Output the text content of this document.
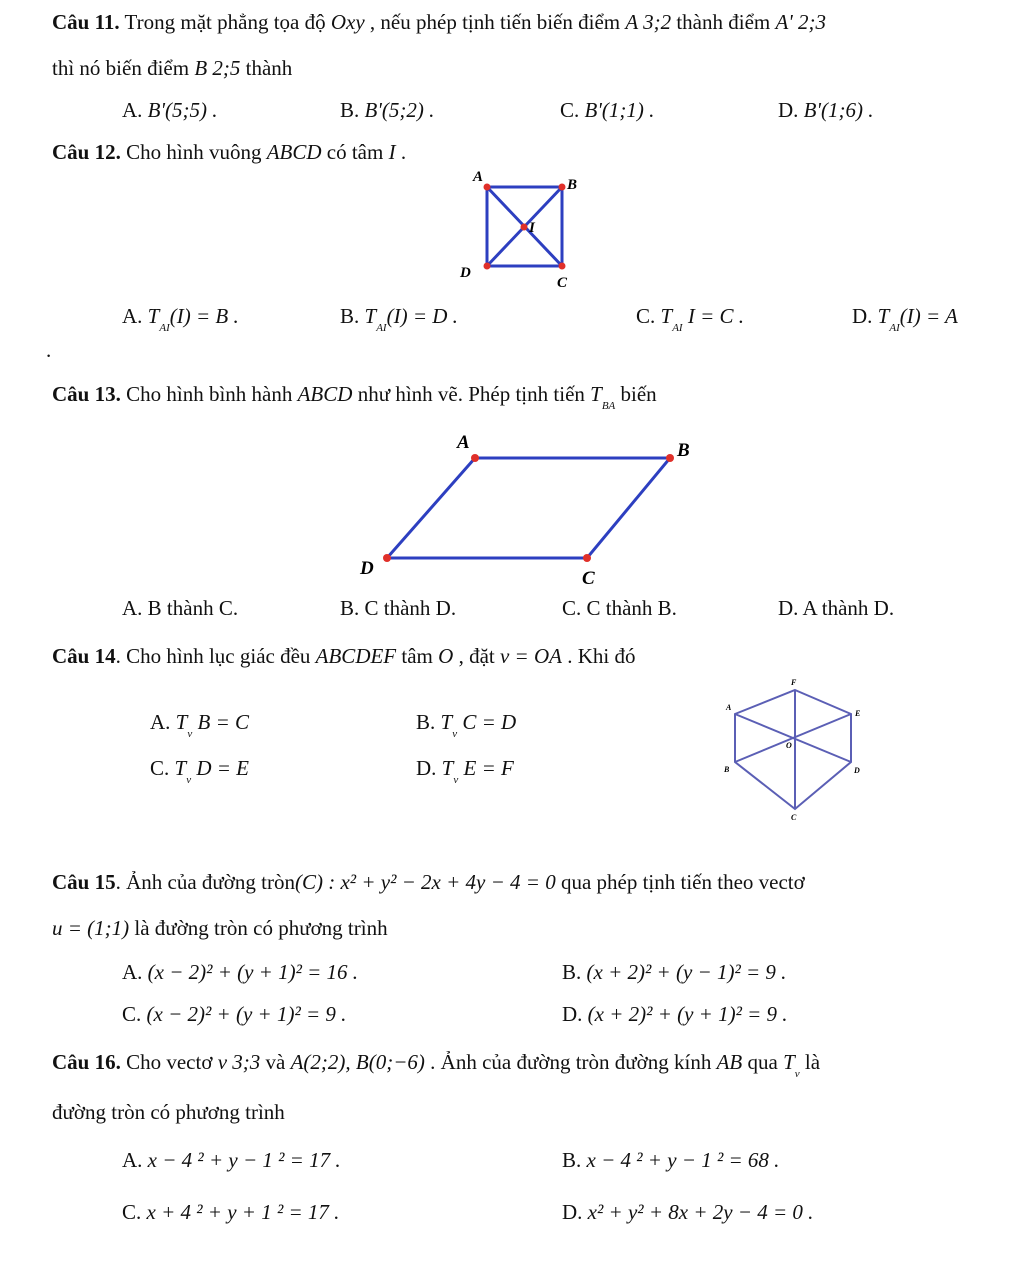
Câu 11. Trong mặt phẳng tọa độ Oxy , nếu phép tịnh tiến biến điểm A 3;2 thành điểm A' 2;3
thì nó biến điểm B 2;5 thành
A. B'(5;5) .	B. B'(5;2) .	C. B'(1;1) .	D. B'(1;6) .
Câu 12. Cho hình vuông ABCD có tâm I .
A	B
C
D
I
A. $T_{AI}(I) = B$ .	B. $T_{AI}(I) = D$ .	C. $T_{AI}$ I = C .	D. $T_{AI}(I) = A$
.
Câu 13. Cho hình bình hành ABCD như hình vẽ. Phép tịnh tiến $T_{BA}$ biến
A	B
C
D
A. B thành C.	B. C thành D.	C. C thành B.	D. A thành D.
Câu 14. Cho hình lục giác đều ABCDEF tâm O , đặt v = OA . Khi đó
A. $T_v$ B = C	B. $T_v$ C = D
C. $T_v$ D = E	D. $T_v$ E = F
F
A
E
O
B	D
C
Câu 15. Ảnh của đường tròn(C) : x² + y² − 2x + 4y − 4 = 0 qua phép tịnh tiến theo vectơ
u = (1;1) là đường tròn có phương trình
A. (x − 2)² + (y + 1)² = 16 .	B. (x + 2)² + (y − 1)² = 9 .
C. (x − 2)² + (y + 1)² = 9 .	D. (x + 2)² + (y + 1)² = 9 .
Câu 16. Cho vectơ v 3;3 và A(2;2), B(0;−6) . Ảnh của đường tròn đường kính AB qua $T_v$ là
đường tròn có phương trình
A. x − 4 ² + y − 1 ² = 17 .	B. x − 4 ² + y − 1 ² = 68 .
C. x + 4 ² + y + 1 ² = 17 .	D. x² + y² + 8x + 2y − 4 = 0 .
